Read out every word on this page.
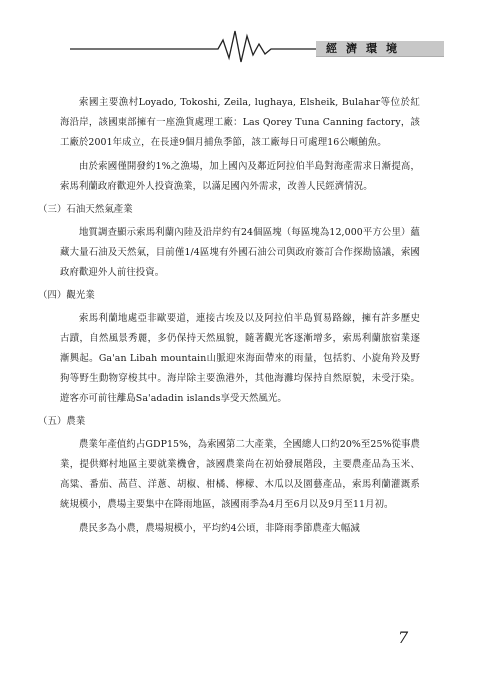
經濟環境

索國主要漁村Loyado, Tokoshi, Zeila, lughaya, Elsheik, Bulahar等位於紅海沿岸，該國東部擁有一座漁貨處理工廠：Las Qorey Tuna Canning factory，該工廠於2001年成立，在長達9個月捕魚季節，該工廠每日可處理16公噸鮪魚。

由於索國僅開發約1%之漁場，加上國內及鄰近阿拉伯半島對海產需求日漸提高，索馬利蘭政府歡迎外人投資漁業，以滿足國內外需求，改善人民經濟情況。

（三）石油天然氣產業

地質調查顯示索馬利蘭內陸及沿岸約有24個區塊（每區塊為12,000平方公里）蘊藏大量石油及天然氣，目前僅1/4區塊有外國石油公司與政府簽訂合作探勘協議，索國政府歡迎外人前往投資。

（四）觀光業

索馬利蘭地處亞非歐要道，連接古埃及以及阿拉伯半島貿易路線，擁有許多歷史古蹟，自然風景秀麗，多仍保持天然風貌，隨著觀光客逐漸增多，索馬利蘭旅宿業逐漸興起。Ga'an Libah mountain山脈迎來海面帶來的雨量，包括豹、小旋角羚及野狗等野生動物穿梭其中。海岸除主要漁港外，其他海灘均保持自然原貌，未受汙染。遊客亦可前往離島Sa'adadin islands享受天然風光。

（五）農業

農業年產值約占GDP15%，為索國第二大產業，全國總人口約20%至25%從事農業，提供鄉村地區主要就業機會，該國農業尚在初始發展階段，主要農產品為玉米、高粱、番茄、萵苣、洋蔥、胡椒、柑橘、檸檬、木瓜以及園藝產品，索馬利蘭灌溉系統規模小，農場主要集中在降雨地區，該國雨季為4月至6月以及9月至11月初。

農民多為小農，農場規模小，平均約4公頃，非降雨季節農產大幅減

7
